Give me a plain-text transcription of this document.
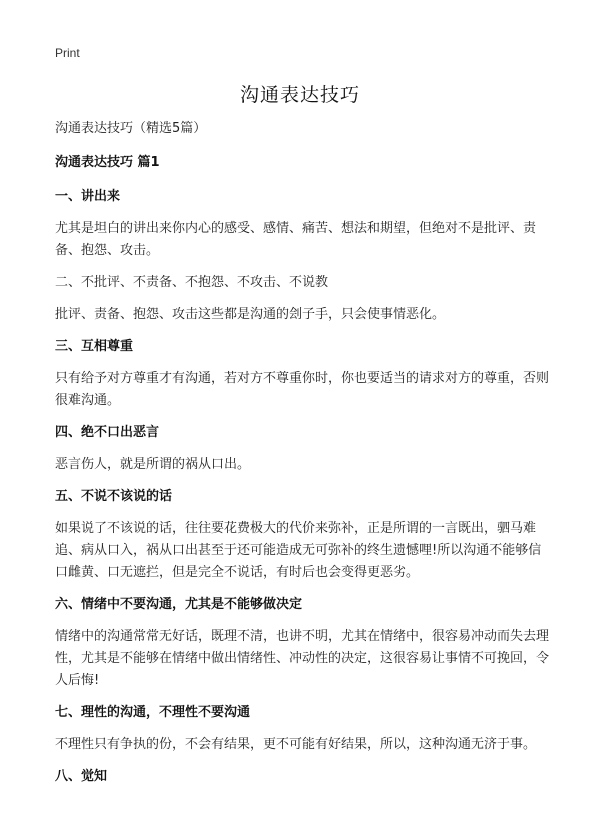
Print
沟通表达技巧

沟通表达技巧（精选5篇）

沟通表达技巧 篇1

一、讲出来

尤其是坦白的讲出来你内心的感受、感情、痛苦、想法和期望，但绝对不是批评、责备、抱怨、攻击。

二、不批评、不责备、不抱怨、不攻击、不说教

批评、责备、抱怨、攻击这些都是沟通的刽子手，只会使事情恶化。

三、互相尊重

只有给予对方尊重才有沟通，若对方不尊重你时，你也要适当的请求对方的尊重，否则很难沟通。

四、绝不口出恶言

恶言伤人，就是所谓的祸从口出。

五、不说不该说的话

如果说了不该说的话，往往要花费极大的代价来弥补，正是所谓的一言既出，驷马难追、病从口入，祸从口出甚至于还可能造成无可弥补的终生遗憾哩!所以沟通不能够信口雌黄、口无遮拦，但是完全不说话，有时后也会变得更恶劣。

六、情绪中不要沟通，尤其是不能够做决定

情绪中的沟通常常无好话，既理不清，也讲不明，尤其在情绪中，很容易冲动而失去理性，尤其是不能够在情绪中做出情绪性、冲动性的决定，这很容易让事情不可挽回，令人后悔!

七、理性的沟通，不理性不要沟通

不理性只有争执的份，不会有结果，更不可能有好结果，所以，这种沟通无济于事。

八、觉知
